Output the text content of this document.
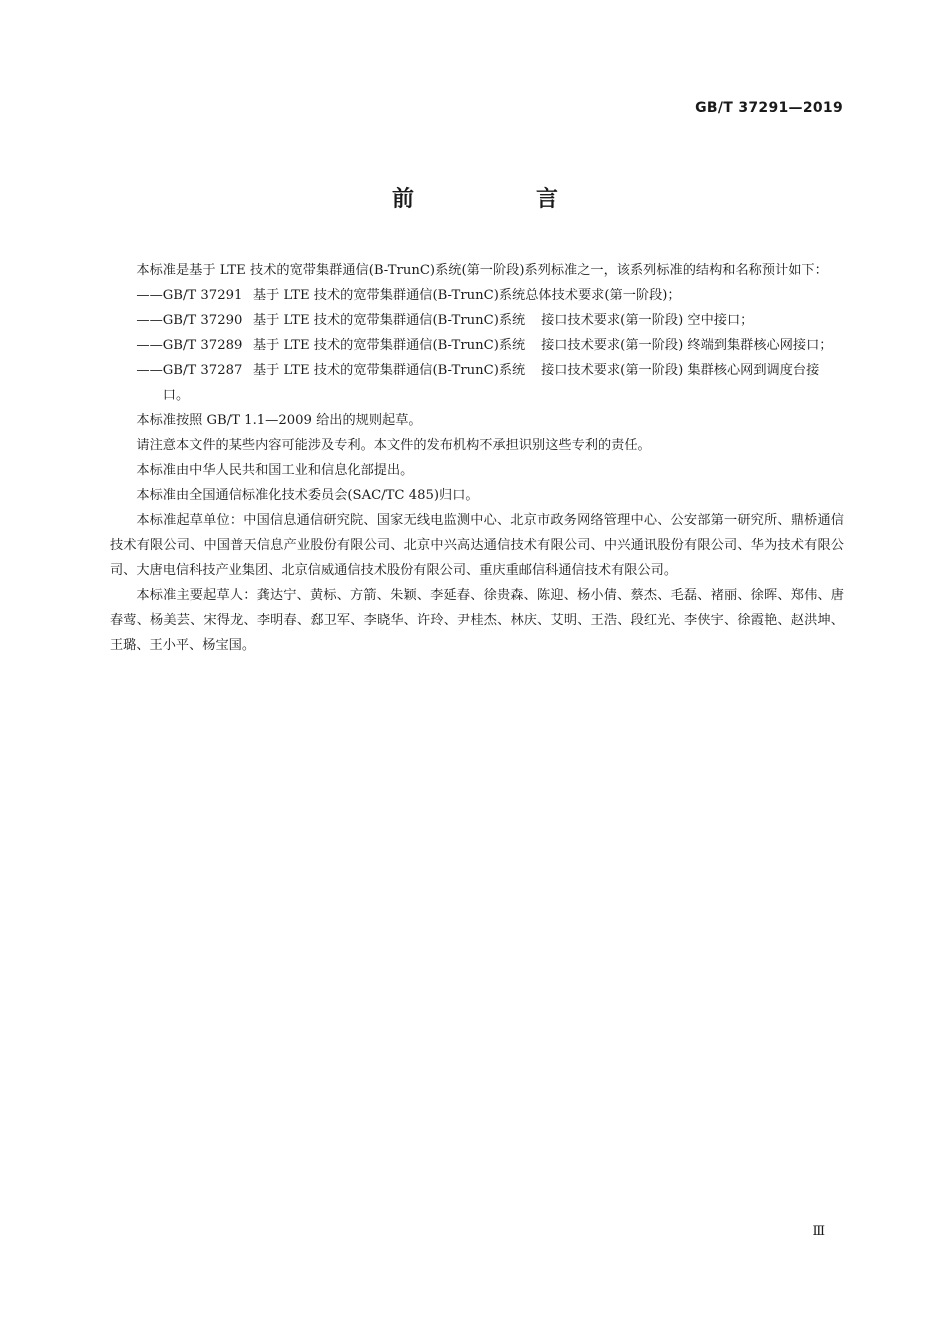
GB/T 37291—2019
前　言

本标准是基于 LTE 技术的宽带集群通信(B-TrunC)系统(第一阶段)系列标准之一，该系列标准的结构和名称预计如下：

—— GB/T 37291 基于 LTE 技术的宽带集群通信(B-TrunC)系统总体技术要求(第一阶段)；
—— GB/T 37290 基于 LTE 技术的宽带集群通信(B-TrunC)系统 接口技术要求(第一阶段) 空中接口；
—— GB/T 37289 基于 LTE 技术的宽带集群通信(B-TrunC)系统 接口技术要求(第一阶段) 终端到集群核心网接口；
—— GB/T 37287 基于 LTE 技术的宽带集群通信(B-TrunC)系统 接口技术要求(第一阶段) 集群核心网到调度台接口。

本标准按照 GB/T 1.1—2009 给出的规则起草。

请注意本文件的某些内容可能涉及专利。本文件的发布机构不承担识别这些专利的责任。

本标准由中华人民共和国工业和信息化部提出。

本标准由全国通信标准化技术委员会(SAC/TC 485)归口。

本标准起草单位：中国信息通信研究院、国家无线电监测中心、北京市政务网络管理中心、公安部第一研究所、鼎桥通信技术有限公司、中国普天信息产业股份有限公司、北京中兴高达通信技术有限公司、中兴通讯股份有限公司、华为技术有限公司、大唐电信科技产业集团、北京信威通信技术股份有限公司、重庆重邮信科通信技术有限公司。

本标准主要起草人：龚达宁、黄标、方箭、朱颖、李延春、徐贵森、陈迎、杨小倩、蔡杰、毛磊、褚丽、徐晖、郑伟、唐春莺、杨美芸、宋得龙、李明春、郄卫军、李晓华、许玲、尹桂杰、林庆、艾明、王浩、段红光、李侠宇、徐霞艳、赵洪坤、王璐、王小平、杨宝国。

Ⅲ
